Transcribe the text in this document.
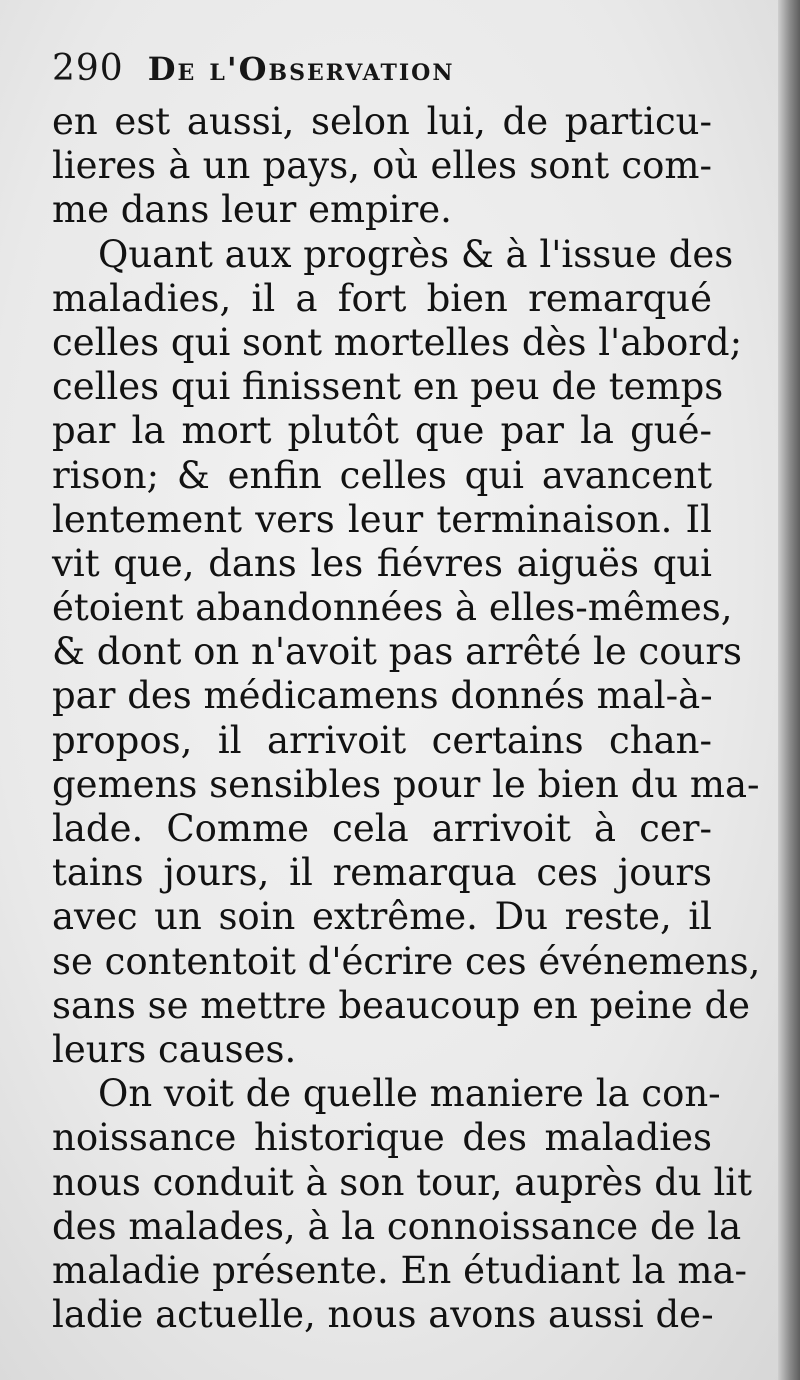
290 De l'Observation
en est aussi, selon lui, de particu-
lieres à un pays, où elles sont com-
me dans leur empire.
Quant aux progrès & à l'issue des
maladies, il a fort bien remarqué
celles qui sont mortelles dès l'abord;
celles qui finissent en peu de temps
par la mort plutôt que par la gué-
rison; & enfin celles qui avancent
lentement vers leur terminaison. Il
vit que, dans les fiévres aiguës qui
étoient abandonnées à elles-mêmes,
& dont on n'avoit pas arrêté le cours
par des médicamens donnés mal-à-
propos, il arrivoit certains chan-
gemens sensibles pour le bien du ma-
lade. Comme cela arrivoit à cer-
tains jours, il remarqua ces jours
avec un soin extrême. Du reste, il
se contentoit d'écrire ces événemens,
sans se mettre beaucoup en peine de
leurs causes.
On voit de quelle maniere la con-
noissance historique des maladies
nous conduit à son tour, auprès du lit
des malades, à la connoissance de la
maladie présente. En étudiant la ma-
ladie actuelle, nous avons aussi de-
